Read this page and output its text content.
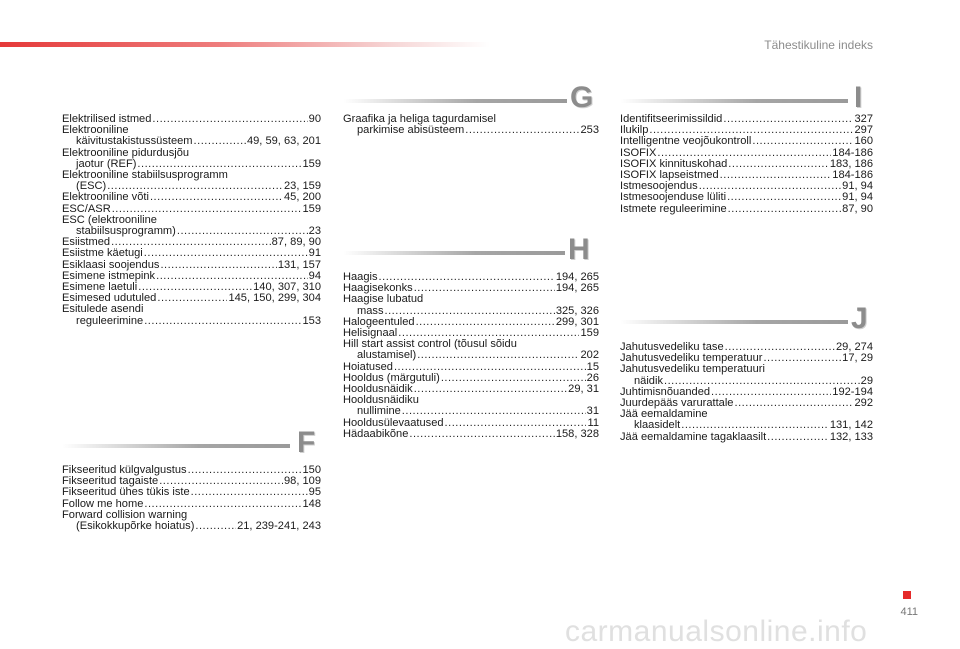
Tähestikuline indeks
G
H
I
J
F
Elektrilised istmed .....	90
Elektrooniline
käivitustakistussüsteem .....	49, 59, 63, 201
Elektrooniline pidurdusjõu
jaotur (REF) .....	159
Elektrooniline stabiilsusprogramm
(ESC) .....	23, 159
Elektrooniline võti .....	45, 200
ESC/ASR .....	159
ESC (elektrooniline
stabiilsusprogramm) .....	23
Esiistmed .....	87, 89, 90
Esiistme käetugi .....	91
Esiklaasi soojendus .....	131, 157
Esimene istmepink .....	94
Esimene laetuli .....	140, 307, 310
Esimesed udutuled .....	145, 150, 299, 304
Esitulede asendi
reguleerimine .....	153
Fikseeritud külgvalgustus .....	150
Fikseeritud tagaiste .....	98, 109
Fikseeritud ühes tükis iste .....	95
Follow me home .....	148
Forward collision warning
(Esikokkupõrke hoiatus) .....	21, 239-241, 243
Graafika ja heliga tagurdamisel
parkimise abisüsteem .....	253
Haagis .....	194, 265
Haagisekonks .....	194, 265
Haagise lubatud
mass .....	325, 326
Halogeentuled .....	299, 301
Helisignaal .....	159
Hill start assist control (tõusul sõidu
alustamisel) .....	202
Hoiatused .....	15
Hooldus (märgutuli) .....	26
Hooldusnäidik .....	29, 31
Hooldusnäidiku
nullimine .....	31
Hooldusülevaatused .....	11
Hädaabikõne .....	158, 328
Identifitseerimissildid .....	327
Ilukilp .....	297
Intelligentne veojõukontroll .....	160
ISOFIX .....	184-186
ISOFIX kinnituskohad .....	183, 186
ISOFIX lapseistmed .....	184-186
Istmesoojendus .....	91, 94
Istmesoojenduse lüliti .....	91, 94
Istmete reguleerimine .....	87, 90
Jahutusvedeliku tase .....	29, 274
Jahutusvedeliku temperatuur .....	17, 29
Jahutusvedeliku temperatuuri
näidik .....	29
Juhtimisnõuanded .....	192-194
Juurdepääs varurattale .....	292
Jää eemaldamine
klaasidelt .....	131, 142
Jää eemaldamine tagaklaasilt .....	132, 133
411
carmanualsonline.info
